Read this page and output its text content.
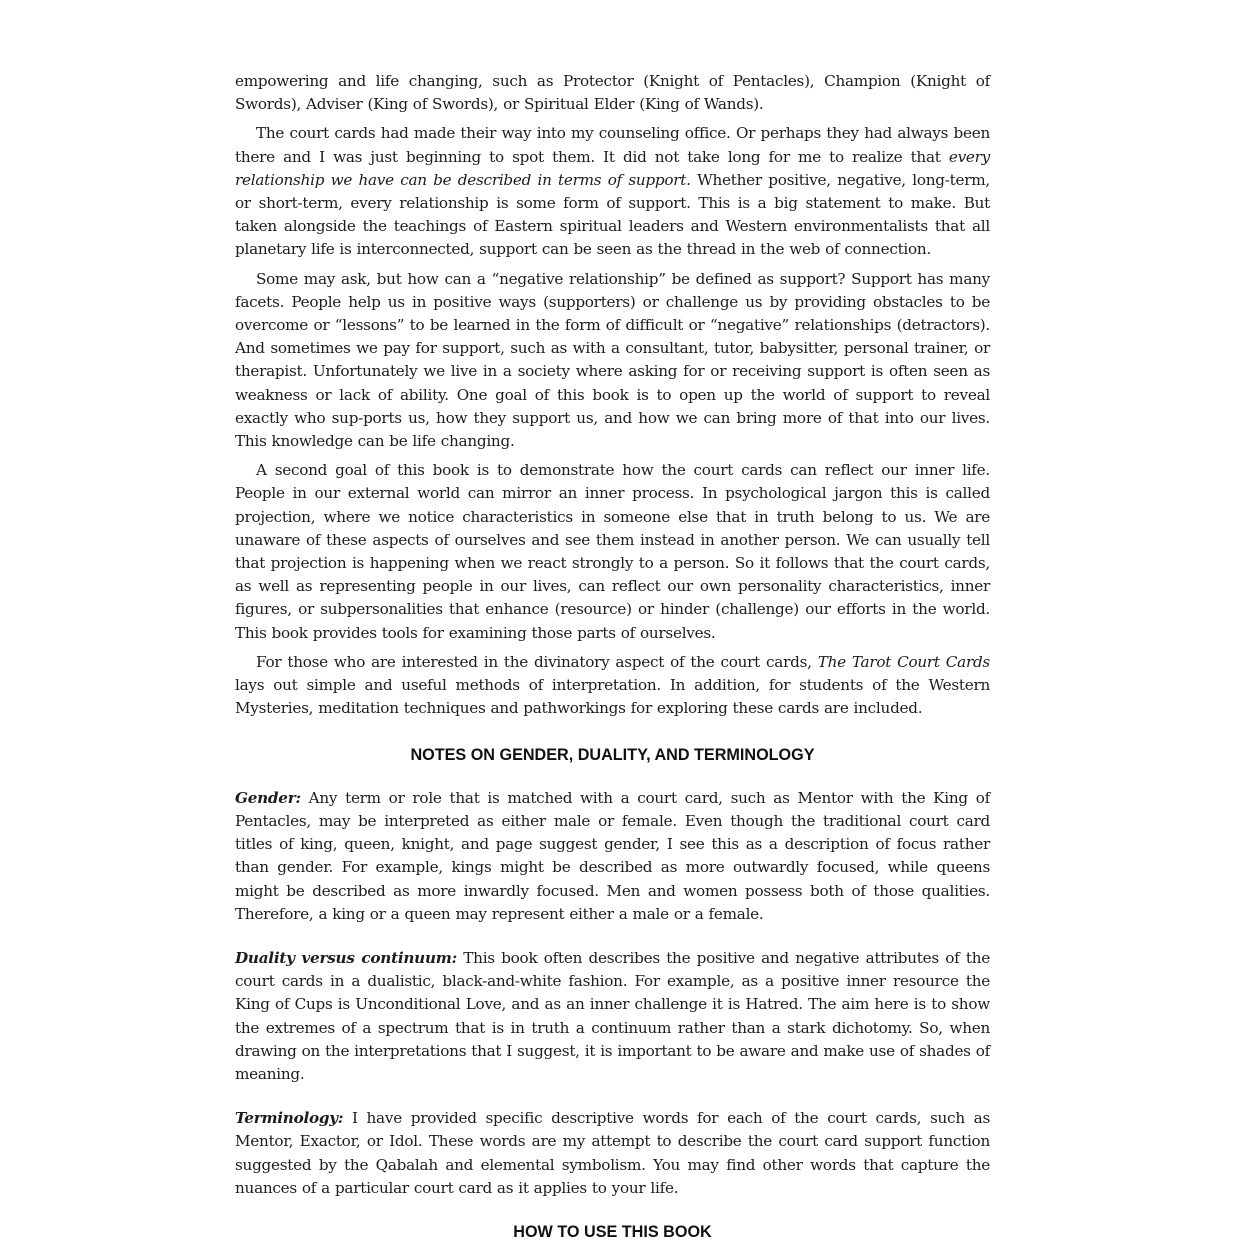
empowering and life changing, such as Protector (Knight of Pentacles), Champion (Knight of Swords), Adviser (King of Swords), or Spiritual Elder (King of Wands).

The court cards had made their way into my counseling office. Or perhaps they had always been there and I was just beginning to spot them. It did not take long for me to realize that every relationship we have can be described in terms of support. Whether positive, negative, long-term, or short-term, every relationship is some form of support. This is a big statement to make. But taken alongside the teachings of Eastern spiritual leaders and Western environmentalists that all planetary life is interconnected, support can be seen as the thread in the web of connection.

Some may ask, but how can a “negative relationship” be defined as support? Support has many facets. People help us in positive ways (supporters) or challenge us by providing obstacles to be overcome or “lessons” to be learned in the form of difficult or “negative” relationships (detractors). And sometimes we pay for support, such as with a consultant, tutor, babysitter, personal trainer, or therapist. Unfortunately we live in a society where asking for or receiving support is often seen as weakness or lack of ability. One goal of this book is to open up the world of support to reveal exactly who sup-ports us, how they support us, and how we can bring more of that into our lives. This knowledge can be life changing.

A second goal of this book is to demonstrate how the court cards can reflect our inner life. People in our external world can mirror an inner process. In psychological jargon this is called projection, where we notice characteristics in someone else that in truth belong to us. We are unaware of these aspects of ourselves and see them instead in another person. We can usually tell that projection is happening when we react strongly to a person. So it follows that the court cards, as well as representing people in our lives, can reflect our own personality characteristics, inner figures, or subpersonalities that enhance (resource) or hinder (challenge) our efforts in the world. This book provides tools for examining those parts of ourselves.

For those who are interested in the divinatory aspect of the court cards, The Tarot Court Cards lays out simple and useful methods of interpretation. In addition, for students of the Western Mysteries, meditation techniques and pathworkings for exploring these cards are included.

NOTES ON GENDER, DUALITY, AND TERMINOLOGY

Gender: Any term or role that is matched with a court card, such as Mentor with the King of Pentacles, may be interpreted as either male or female. Even though the traditional court card titles of king, queen, knight, and page suggest gender, I see this as a description of focus rather than gender. For example, kings might be described as more outwardly focused, while queens might be described as more inwardly focused. Men and women possess both of those qualities. Therefore, a king or a queen may represent either a male or a female.

Duality versus continuum: This book often describes the positive and negative attributes of the court cards in a dualistic, black-and-white fashion. For example, as a positive inner resource the King of Cups is Unconditional Love, and as an inner challenge it is Hatred. The aim here is to show the extremes of a spectrum that is in truth a continuum rather than a stark dichotomy. So, when drawing on the interpretations that I suggest, it is important to be aware and make use of shades of meaning.

Terminology: I have provided specific descriptive words for each of the court cards, such as Mentor, Exactor, or Idol. These words are my attempt to describe the court card support function suggested by the Qabalah and elemental symbolism. You may find other words that capture the nuances of a particular court card as it applies to your life.

HOW TO USE THIS BOOK
